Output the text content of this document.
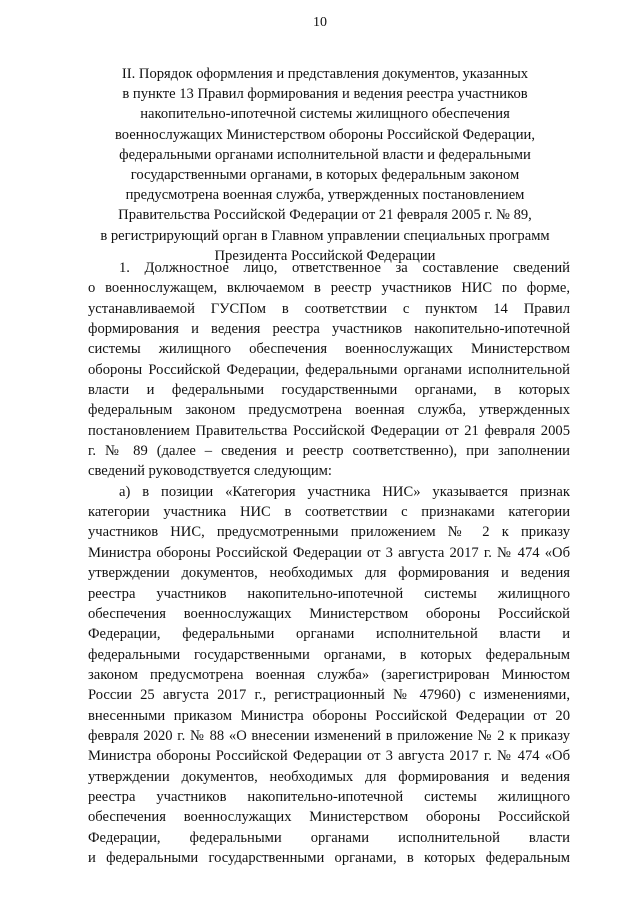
10
II. Порядок оформления и представления документов, указанных
в пункте 13 Правил формирования и ведения реестра участников
накопительно-ипотечной системы жилищного обеспечения
военнослужащих Министерством обороны Российской Федерации,
федеральными органами исполнительной власти и федеральными
государственными органами, в которых федеральным законом
предусмотрена военная служба, утвержденных постановлением
Правительства Российской Федерации от 21 февраля 2005 г. № 89,
в регистрирующий орган в Главном управлении специальных программ
Президента Российской Федерации
1. Должностное лицо, ответственное за составление сведений
о военнослужащем, включаемом в реестр участников НИС по форме,
устанавливаемой ГУСПом в соответствии с пунктом 14 Правил
формирования и ведения реестра участников накопительно-ипотечной
системы жилищного обеспечения военнослужащих Министерством
обороны Российской Федерации, федеральными органами исполнительной
власти и федеральными государственными органами, в которых
федеральным законом предусмотрена военная служба, утвержденных
постановлением Правительства Российской Федерации от 21 февраля 2005
г. № 89 (далее – сведения и реестр соответственно), при заполнении
сведений руководствуется следующим:
а) в позиции «Категория участника НИС» указывается признак
категории участника НИС в соответствии с признаками категории
участников НИС, предусмотренными приложением № 2 к приказу
Министра обороны Российской Федерации от 3 августа 2017 г. № 474 «Об
утверждении документов, необходимых для формирования и ведения
реестра участников накопительно-ипотечной системы жилищного
обеспечения военнослужащих Министерством обороны Российской
Федерации, федеральными органами исполнительной власти и
федеральными государственными органами, в которых федеральным
законом предусмотрена военная служба» (зарегистрирован Минюстом
России 25 августа 2017 г., регистрационный № 47960) с изменениями,
внесенными приказом Министра обороны Российской Федерации от 20
февраля 2020 г. № 88 «О внесении изменений в приложение № 2 к приказу
Министра обороны Российской Федерации от 3 августа 2017 г. № 474 «Об
утверждении документов, необходимых для формирования и ведения
реестра участников накопительно-ипотечной системы жилищного
обеспечения военнослужащих Министерством обороны Российской
Федерации, федеральными органами исполнительной власти
и федеральными государственными органами, в которых федеральным
